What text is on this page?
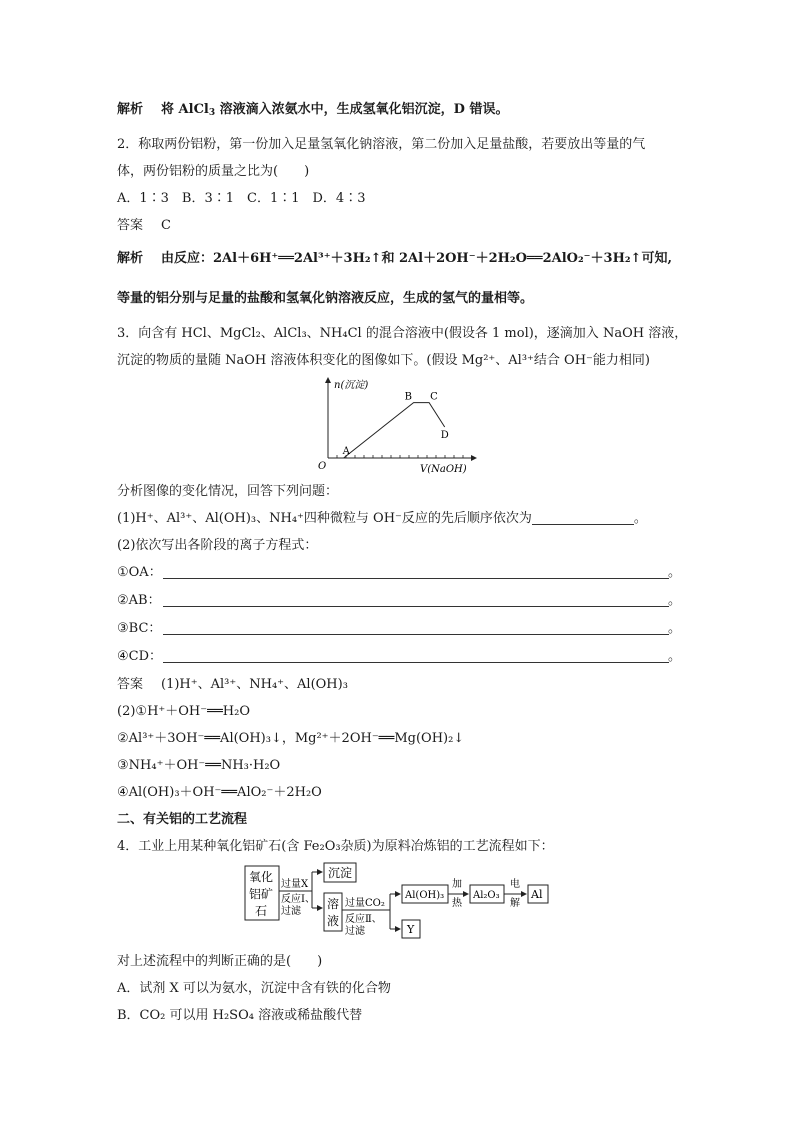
解析 将 AlCl$_3$ 溶液滴入浓氨水中，生成氢氧化铝沉淀，D 错误。
2．称取两份铝粉，第一份加入足量氢氧化钠溶液，第二份加入足量盐酸，若要放出等量的气
体，两份铝粉的质量之比为(　　)
A．1∶3　B．3∶1　C．1∶1　D．4∶3
答案 C
解析 由反应：2Al＋6H⁺══2Al³⁺＋3H₂↑和 2Al＋2OH⁻＋2H₂O══2AlO₂⁻＋3H₂↑可知,
等量的铝分别与足量的盐酸和氢氧化钠溶液反应，生成的氢气的量相等。
3．向含有 HCl、MgCl₂、AlCl₃、NH₄Cl 的混合溶液中(假设各 1 mol)，逐滴加入 NaOH 溶液，
沉淀的物质的量随 NaOH 溶液体积变化的图像如下。(假设 Mg²⁺、Al³⁺结合 OH⁻能力相同)
A
B C
D
n(沉淀)
V(NaOH)
O
分析图像的变化情况，回答下列问题：
(1)H⁺、Al³⁺、Al(OH)₃、NH₄⁺四种微粒与 OH⁻反应的先后顺序依次为	。
(2)依次写出各阶段的离子方程式：
①OA：	。
②AB：	。
③BC：	。
④CD：	。
答案 (1)H⁺、Al³⁺、NH₄⁺、Al(OH)₃
(2)①H⁺＋OH⁻══H₂O
②Al³⁺＋3OH⁻══Al(OH)₃↓，Mg²⁺＋2OH⁻══Mg(OH)₂↓
③NH₄⁺＋OH⁻══NH₃·H₂O
④Al(OH)₃＋OH⁻══AlO₂⁻＋2H₂O
二、有关铝的工艺流程
4．工业上用某种氧化铝矿石(含 Fe₂O₃杂质)为原料冶炼铝的工艺流程如下：
氧化
铝矿
石
过量X
反应Ⅰ、
过滤
沉淀
溶
液
过量CO₂
反应Ⅱ、
过滤
Al(OH)₃
加
热
Al₂O₃
电
解
Al
Y
对上述流程中的判断正确的是(　　)
A．试剂 X 可以为氨水，沉淀中含有铁的化合物
B．CO₂ 可以用 H₂SO₄ 溶液或稀盐酸代替
